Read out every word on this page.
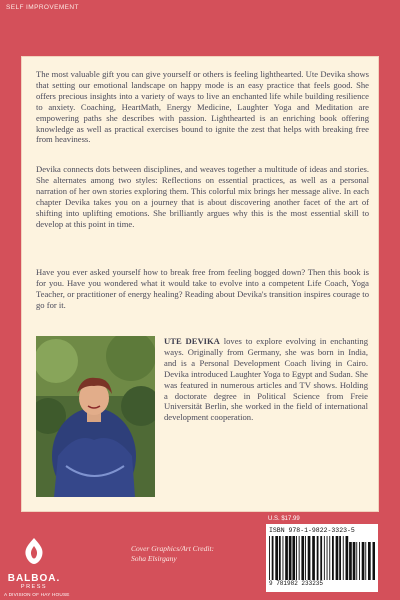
SELF IMPROVEMENT

The most valuable gift you can give yourself or others is feeling lighthearted. Ute Devika shows that setting our emotional landscape on happy mode is an easy practice that feels good. She offers precious insights into a variety of ways to live an enchanted life while building resilience to anxiety. Coaching, HeartMath, Energy Medicine, Laughter Yoga and Meditation are empowering paths she describes with passion. Lighthearted is an enriching book offering knowledge as well as practical exercises bound to ignite the zest that helps with breaking free from heaviness.

Devika connects dots between disciplines, and weaves together a multitude of ideas and stories. She alternates among two styles: Reflections on essential practices, as well as a personal narration of her own stories exploring them. This colorful mix brings her message alive. In each chapter Devika takes you on a journey that is about discovering another facet of the art of shifting into uplifting emotions. She brilliantly argues why this is the most essential skill to develop at this point in time.

Have you ever asked yourself how to break free from feeling bogged down? Then this book is for you. Have you wondered what it would take to evolve into a competent Life Coach, Yoga Teacher, or practitioner of energy healing? Reading about Devika's transition inspires courage to go for it.

UTE DEVIKA loves to explore evolving in enchanting ways. Originally from Germany, she was born in India, and is a Personal Development Coach living in Cairo. Devika introduced Laughter Yoga to Egypt and Sudan. She was featured in numerous articles and TV shows. Holding a doctorate degree in Political Science from Freie Universität Berlin, she worked in the field of international development cooperation.

BALBOA.
PRESS
A DIVISION OF HAY HOUSE
Cover Graphics/Art Credit:
Soha Elsirgany
U.S. $17.99
ISBN 978-1-9822-3323-5
9 781982 233235
